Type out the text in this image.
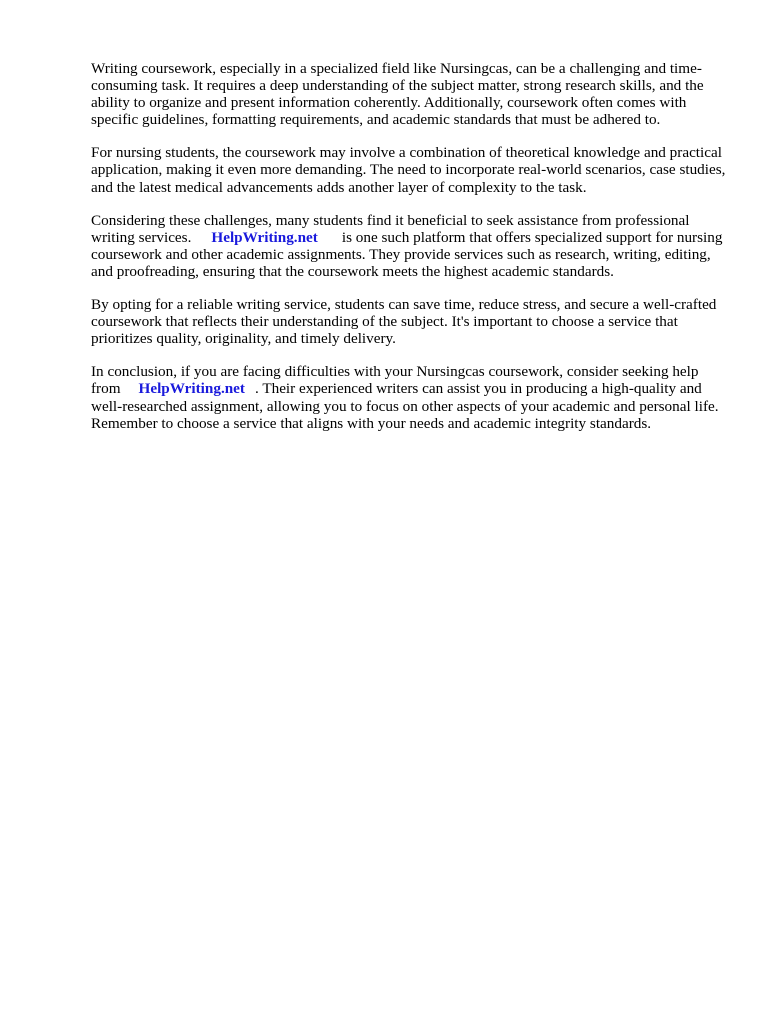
Writing coursework, especially in a specialized field like Nursingcas, can be a challenging and time-consuming task. It requires a deep understanding of the subject matter, strong research skills, and the ability to organize and present information coherently. Additionally, coursework often comes with specific guidelines, formatting requirements, and academic standards that must be adhered to.

For nursing students, the coursework may involve a combination of theoretical knowledge and practical application, making it even more demanding. The need to incorporate real-world scenarios, case studies, and the latest medical advancements adds another layer of complexity to the task.

Considering these challenges, many students find it beneficial to seek assistance from professional writing services. HelpWriting.net is one such platform that offers specialized support for nursing coursework and other academic assignments. They provide services such as research, writing, editing, and proofreading, ensuring that the coursework meets the highest academic standards.

By opting for a reliable writing service, students can save time, reduce stress, and secure a well-crafted coursework that reflects their understanding of the subject. It's important to choose a service that prioritizes quality, originality, and timely delivery.

In conclusion, if you are facing difficulties with your Nursingcas coursework, consider seeking help from HelpWriting.net . Their experienced writers can assist you in producing a high-quality and well-researched assignment, allowing you to focus on other aspects of your academic and personal life. Remember to choose a service that aligns with your needs and academic integrity standards.
